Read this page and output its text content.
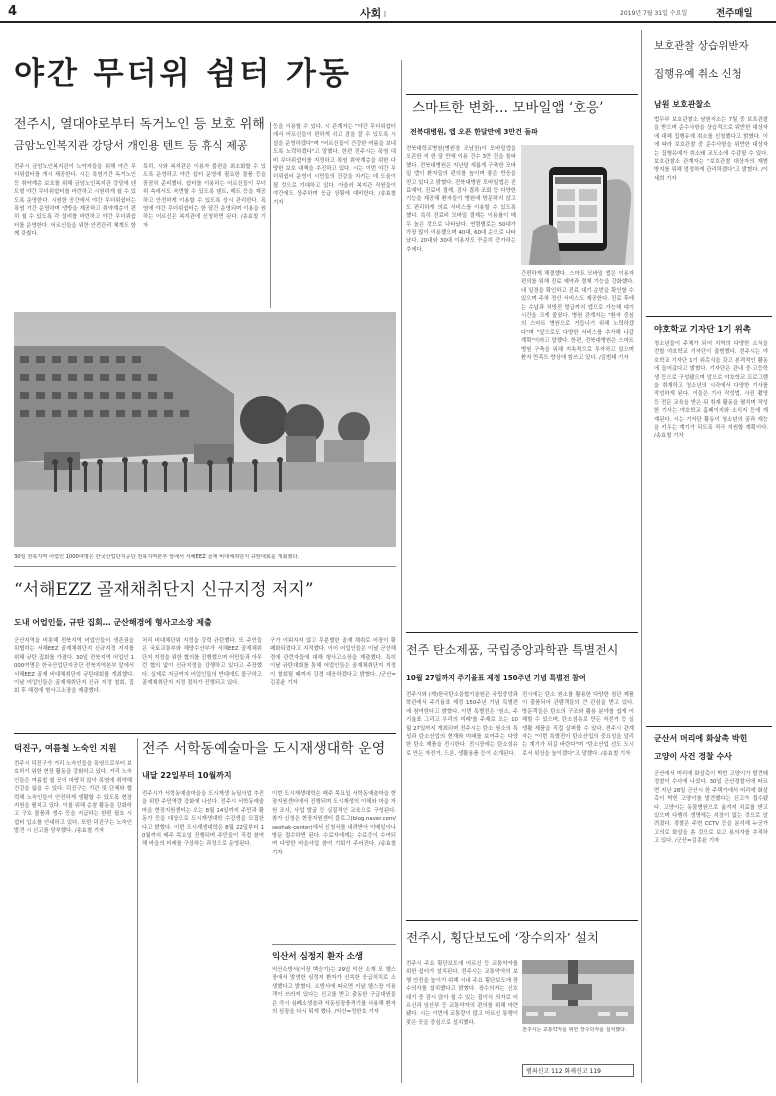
4	사회 I	2019년 7월 31일 수요일	전주매일
야간 무더위 쉼터 가동
전주시, 열대야로부터 독거노인 등 보호 위해
금암노인복지관 강당서 개인용 텐트 등 휴식 제공
전주시 금암노인복지관이 노약자들을 위해 야간 무더위쉼터를 개시 제공한다. 시는 폭염기간 독거노인 등 취약계층 보호를 위해 금암노인복지관 강당에 텐트형 야간 무더위쉼터를 마련하고 시원하게 쉴 수 있도록 운영한다. 시원한 공간에서 야간 무더위쉼터는 폭염 기간 운영하며 냉방을 제공하고 취약계층이 편히 쉴 수 있도록 각 설비를 마련하고 야간 무더위쉼터를 운영한다. 어르신들을 위한 안전관리 체계도 함께 갖췄다.
특히, 시와 복지관은 이용자 불편을 최소화할 수 있도록 운영하고 야간 쉼터 운영에 필요한 물품 등을 꼼꼼히 준비했다. 쉼터를 이용하는 어르신들이 무더위 속에서도 숙면할 수 있도록 텐트, 매트 등을 제공하고 안전하게 이용할 수 있도록 상시 관리한다. 폭염에 야간 무더위쉼터는 한 달간 운영되며 이용을 원하는 어르신은 복지관에 신청하면 된다. /송효철 기자
등을 이용할 수 있다. 시 관계자는 "야간 무더위쉼터에서 어르신들이 편하게 쉬고 잠을 잘 수 있도록 시설을 운영하겠다"며 "어르신들이 건강한 여름을 보내도록 노력하겠다"고 말했다. 한편 전주시는 폭염 대비 무더위쉼터를 지정하고 폭염 취약계층을 위한 다양한 보호 대책을 추진하고 있다. 시는 이번 야간 무더위쉼터 운영이 시민들의 건강을 지키는 데 도움이 될 것으로 기대하고 있다. 아울러 복지관 직원들이 야간에도 상주하며 응급 상황에 대비한다. /송효철 기자
30일 전북지역 어업인 1000여명은 한국산업단지공단 전북지역본부 앞에서 서해EEZ 골재 비대체취단지 규탄대회를 개최했다.
“서해EZZ 골재채취단지 신규지정 저지”
도내 어업인들, 규탄 집회… 군산해경에 형사고소장 제출
군산지역을 비롯해 전북지역 어업인들이 생존권을 위협하는 서해EEZ 골재채취단지 신규지정 저지를 위해 규탄 집회를 가졌다. 30일 전북지역 어업인 1000여명은 한국산업단지공단 전북지역본부 앞에서 서해EEZ 골재 비대체취단지 규탄대회를 개최했다. 이날 어업인들은 골재채취단지 신규 지정 철회, 집회 후 해경에 형사고소장을 제출했다.
처리 비대체단위 지정을 강력 규탄했다. 또 주민들은 국토교통부와 해양수산부가 서해EEZ 골재채취단지 지정을 위한 협의를 진행했으며 어민들과 아무런 협의 없이 신규지정을 강행하고 있다고 주장했다. 실제로 지금까지 어업인들의 반대에도 불구하고 골재채취단지 지정 절차가 진행되고 있다.
구가 이뤄지지 않고 무분별한 골재 채취로 어장이 황폐화되었다고 지적했다. 이어 어업인들은 이날 군산해경에 관련자들에 대해 형사고소장을 제출했다. 특히 이날 규탄대회를 통해 어업인들은 골재채취단지 지정이 철회될 때까지 강경 대응하겠다고 밝혔다. /군산=김종윤 기자
덕진구, 여름철 노숙인 지원
전주시 덕진구가 거리 노숙인들을 폭염으로부터 보호하기 위한 현장 활동을 강화하고 있다. 거리 노숙인들은 여름철 쉴 곳이 마땅치 않아 폭염에 취약해 건강을 잃을 수 있다. 덕진구는 기관 및 단체와 협력해 노숙인들이 안전하게 생활할 수 있도록 현장 지원을 펼치고 있다. 이를 위해 순찰 활동을 강화하고 구호 물품과 생수 등을 지급하는 한편 필요 시 쉼터 입소를 안내하고 있다. 또한 덕진구는 노숙인 발견 시 신고를 당부했다. /송효철 기자
전주 서학동예술마을 도시재생대학 운영
내달 22일부터 10월까지
전주시가 서학동예술마을을 도시재생 뉴딜사업 추진을 위한 주민역량 강화에 나선다. 전주시 서학동예술마을 현장지원센터는 오는 8월 14일까지 주민과 활동가 등을 대상으로 도시재생대학 수강생을 모집한다고 밝혔다. 이번 도시재생대학은 8월 22일부터 10월까지 매주 목요일 진행되며 주민들이 직접 참여해 마을의 미래를 구상하는 과정으로 운영된다.
이번 도시재생대학은 매주 목요일 서학동예술마을 현장지원센터에서 진행되며 도시재생의 이해와 마을 자원 조사, 사업 발굴 등 실질적인 교육으로 구성된다. 참가 신청은 현장지원센터 블로그(blog.naver.com/seohak-center)에서 신청서를 내려받아 이메일이나 방문 접수하면 된다. 수료자에게는 수료증이 수여되며 다양한 마을사업 참여 기회가 주어진다. /송효철 기자
익산서 심정지 환자 소생
익산소방서(서장 백승기)는 29일 익산 소재 모 헬스장에서 발생한 심정지 환자가 신속한 응급처치로 소생했다고 밝혔다. 소방서에 따르면 이날 헬스장 이용객이 쓰러져 있다는 신고를 받고 출동한 구급대원들은 즉시 심폐소생술과 자동심장충격기를 사용해 환자의 심장을 다시 뛰게 했다. /익산=정한호 기자
스마트한 변화… 모바일앱 ‘호응’
전북대병원, 앱 오픈 한달만에 3만건 돌파
전북대학교병원(병원장 조남천)이 모바일앱을 오픈한 지 한 달 만에 이용 건수 3만 건을 돌파했다. 전북대병원은 지난달 새롭게 구축한 모바일 앱이 환자들의 편의를 높이며 좋은 반응을 얻고 있다고 밝혔다. 전북대병원 모바일앱은 진료예약, 진료비 결제, 검사 결과 조회 등 다양한 기능을 제공해 환자들이 병원에 방문하지 않고도 편리하게 의료 서비스를 이용할 수 있도록 했다. 특히 진료비 모바일 결제는 이용률이 매우 높은 것으로 나타났다. 연령별로는 50대가 가장 많이 이용했으며 40대, 60대 순으로 나타났다. 20대와 30대 이용자도 꾸준히 증가하는 추세다.
간편하게 해결했다. 스마트 모바일 앱은 이용자 편의를 위해 진료 예약과 결제 기능을 강화했다. 내 일정을 확인하고 진료 대기 순번을 확인할 수 있으며 주차 정산 서비스도 제공한다. 진료 후에는 수납과 처방전 발급까지 앱으로 가능해 대기 시간을 크게 줄였다. 병원 관계자는 "환자 중심의 스마트 병원으로 거듭나기 위해 노력하겠다"며 "앞으로도 다양한 서비스를 추가해 나갈 계획"이라고 말했다. 한편, 전북대병원은 스마트 병원 구축을 위해 지속적으로 투자하고 있으며 환자 만족도 향상에 힘쓰고 있다. /김범태 기자
전주 탄소제품, 국립중앙과학관 특별전시
10월 27일까지 주기율표 제정 150주년 기념 특별전 참여
전주시와 (재)한국탄소융합기술원은 국립중앙과학관에서 주기율표 제정 150주년 기념 특별전에 참여한다고 밝혔다. 이번 특별전은 '원소, 주기율표 그리고 우리의 미래'를 주제로 오는 10월 27일까지 개최되며 전주시는 탄소 원소의 특성과 탄소산업의 현재와 미래를 보여주는 다양한 탄소 제품을 전시한다. 전시장에는 탄소섬유로 만든 자전거, 드론, 생활용품 등이 소개된다.
전시에는 탄소 원소를 활용한 다양한 첨단 제품이 출품되어 관람객들의 큰 관심을 받고 있다. 방문객들은 탄소의 구조와 활용 분야를 쉽게 이해할 수 있으며, 탄소섬유로 만든 자전거 등 실생활 제품을 직접 살펴볼 수 있다. 전주시 관계자는 "이번 특별전이 탄소산업의 중요성을 알리는 계기가 되길 바란다"며 "탄소산업 선도 도시로서 위상을 높이겠다"고 말했다. /송효철 기자
전주시, 횡단보도에 ‘장수의자’ 설치
전주시 주요 횡단보도에 어르신 등 교통약자를 위한 쉼터가 설치된다. 전주시는 교통약자의 보행 안전을 높이기 위해 시내 주요 횡단보도에 장수의자를 설치했다고 밝혔다. 장수의자는 신호 대기 중 잠시 앉아 쉴 수 있는 접이식 의자로 어르신과 임산부 등 교통약자의 편의를 위해 마련됐다. 시는 이번에 교통량이 많고 어르신 통행이 잦은 곳을 중심으로 설치했다.
전주시는 교통약자를 위한 장수의자를 설치했다.
범죄신고 112 화재신고 119
보호관찰 상습위반자
집행유예 취소 신청
남원 보호관찰소
법무부 보호관찰소 남원지소는 7월 중 보호관찰을 받으며 준수사항을 상습적으로 위반한 대상자에 대해 집행유예 취소를 신청했다고 밝혔다. 이에 따라 보호관찰 중 준수사항을 위반한 대상자는 집행유예가 취소돼 교도소에 수감될 수 있다. 보호관찰소 관계자는 "보호관찰 대상자의 재범 방지를 위해 엄정하게 관리하겠다"고 밝혔다. /이세희 기자
야호학교 기자단 1기 위촉
청소년들이 주체가 되어 지역의 다양한 소식을 전할 야호학교 기자단이 출범했다. 전주시는 야호학교 기자단 1기 위촉식을 갖고 본격적인 활동에 들어갔다고 밝혔다. 기자단은 관내 중·고등학생 등으로 구성됐으며 앞으로 야호학교 프로그램을 취재하고 청소년의 시각에서 다양한 기사를 작성하게 된다. 이들은 기사 작성법, 사진 촬영 등 전문 교육을 받은 뒤 취재 활동을 펼치며 작성한 기사는 야호학교 홈페이지와 소식지 등에 게재된다. 시는 기자단 활동이 청소년의 꿈과 재능을 키우는 계기가 되도록 적극 지원할 계획이다. /송효철 기자
군산서 머리에 화살촉 박힌
고양이 사건 경찰 수사
군산에서 머리에 화살촉이 박힌 고양이가 발견돼 경찰이 수사에 나섰다. 30일 군산경찰서에 따르면 지난 28일 군산시 한 주택가에서 머리에 화살촉이 박힌 고양이를 발견했다는 신고가 접수됐다. 고양이는 동물병원으로 옮겨져 치료를 받고 있으며 다행히 생명에는 지장이 없는 것으로 알려졌다. 경찰은 주변 CCTV 등을 분석해 누군가 고의로 화살을 쏜 것으로 보고 용의자를 추적하고 있다. /군산=김종윤 기자
